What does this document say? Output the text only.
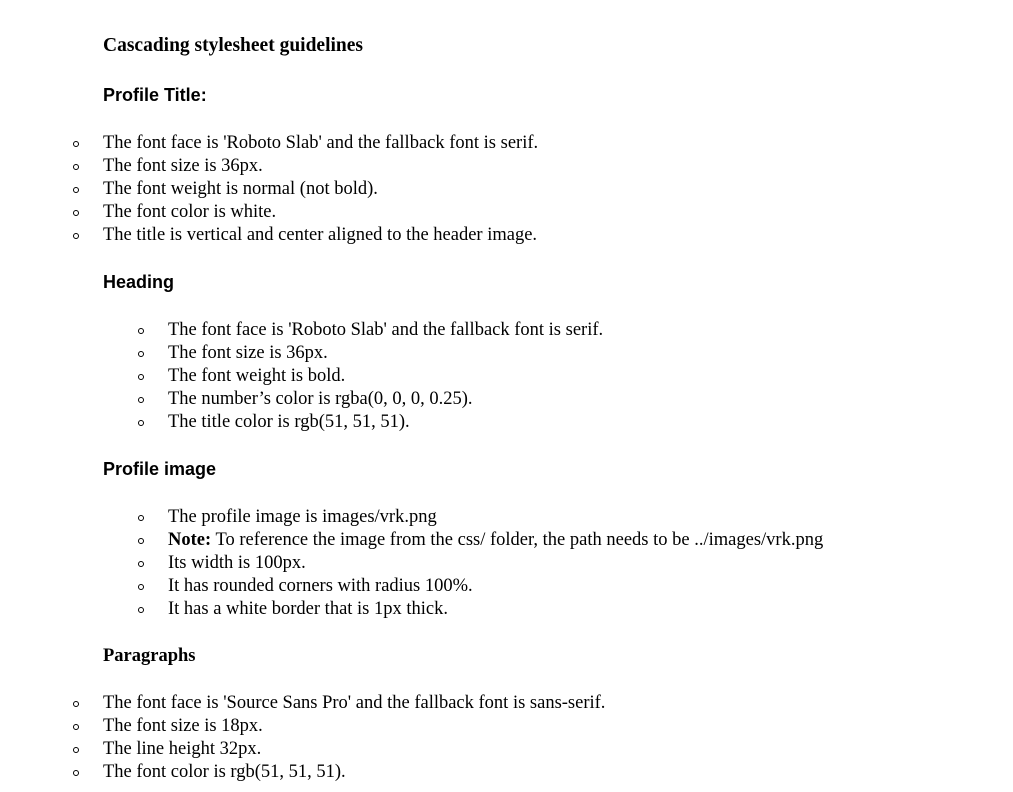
Cascading stylesheet guidelines
Profile Title:
The font face is 'Roboto Slab' and the fallback font is serif.
The font size is 36px.
The font weight is normal (not bold).
The font color is white.
The title is vertical and center aligned to the header image.
Heading
The font face is 'Roboto Slab' and the fallback font is serif.
The font size is 36px.
The font weight is bold.
The number’s color is rgba(0, 0, 0, 0.25).
The title color is rgb(51, 51, 51).
Profile image
The profile image is images/vrk.png
Note: To reference the image from the css/ folder, the path needs to be ../images/vrk.png
Its width is 100px.
It has rounded corners with radius 100%.
It has a white border that is 1px thick.
Paragraphs
The font face is 'Source Sans Pro' and the fallback font is sans-serif.
The font size is 18px.
The line height 32px.
The font color is rgb(51, 51, 51).
